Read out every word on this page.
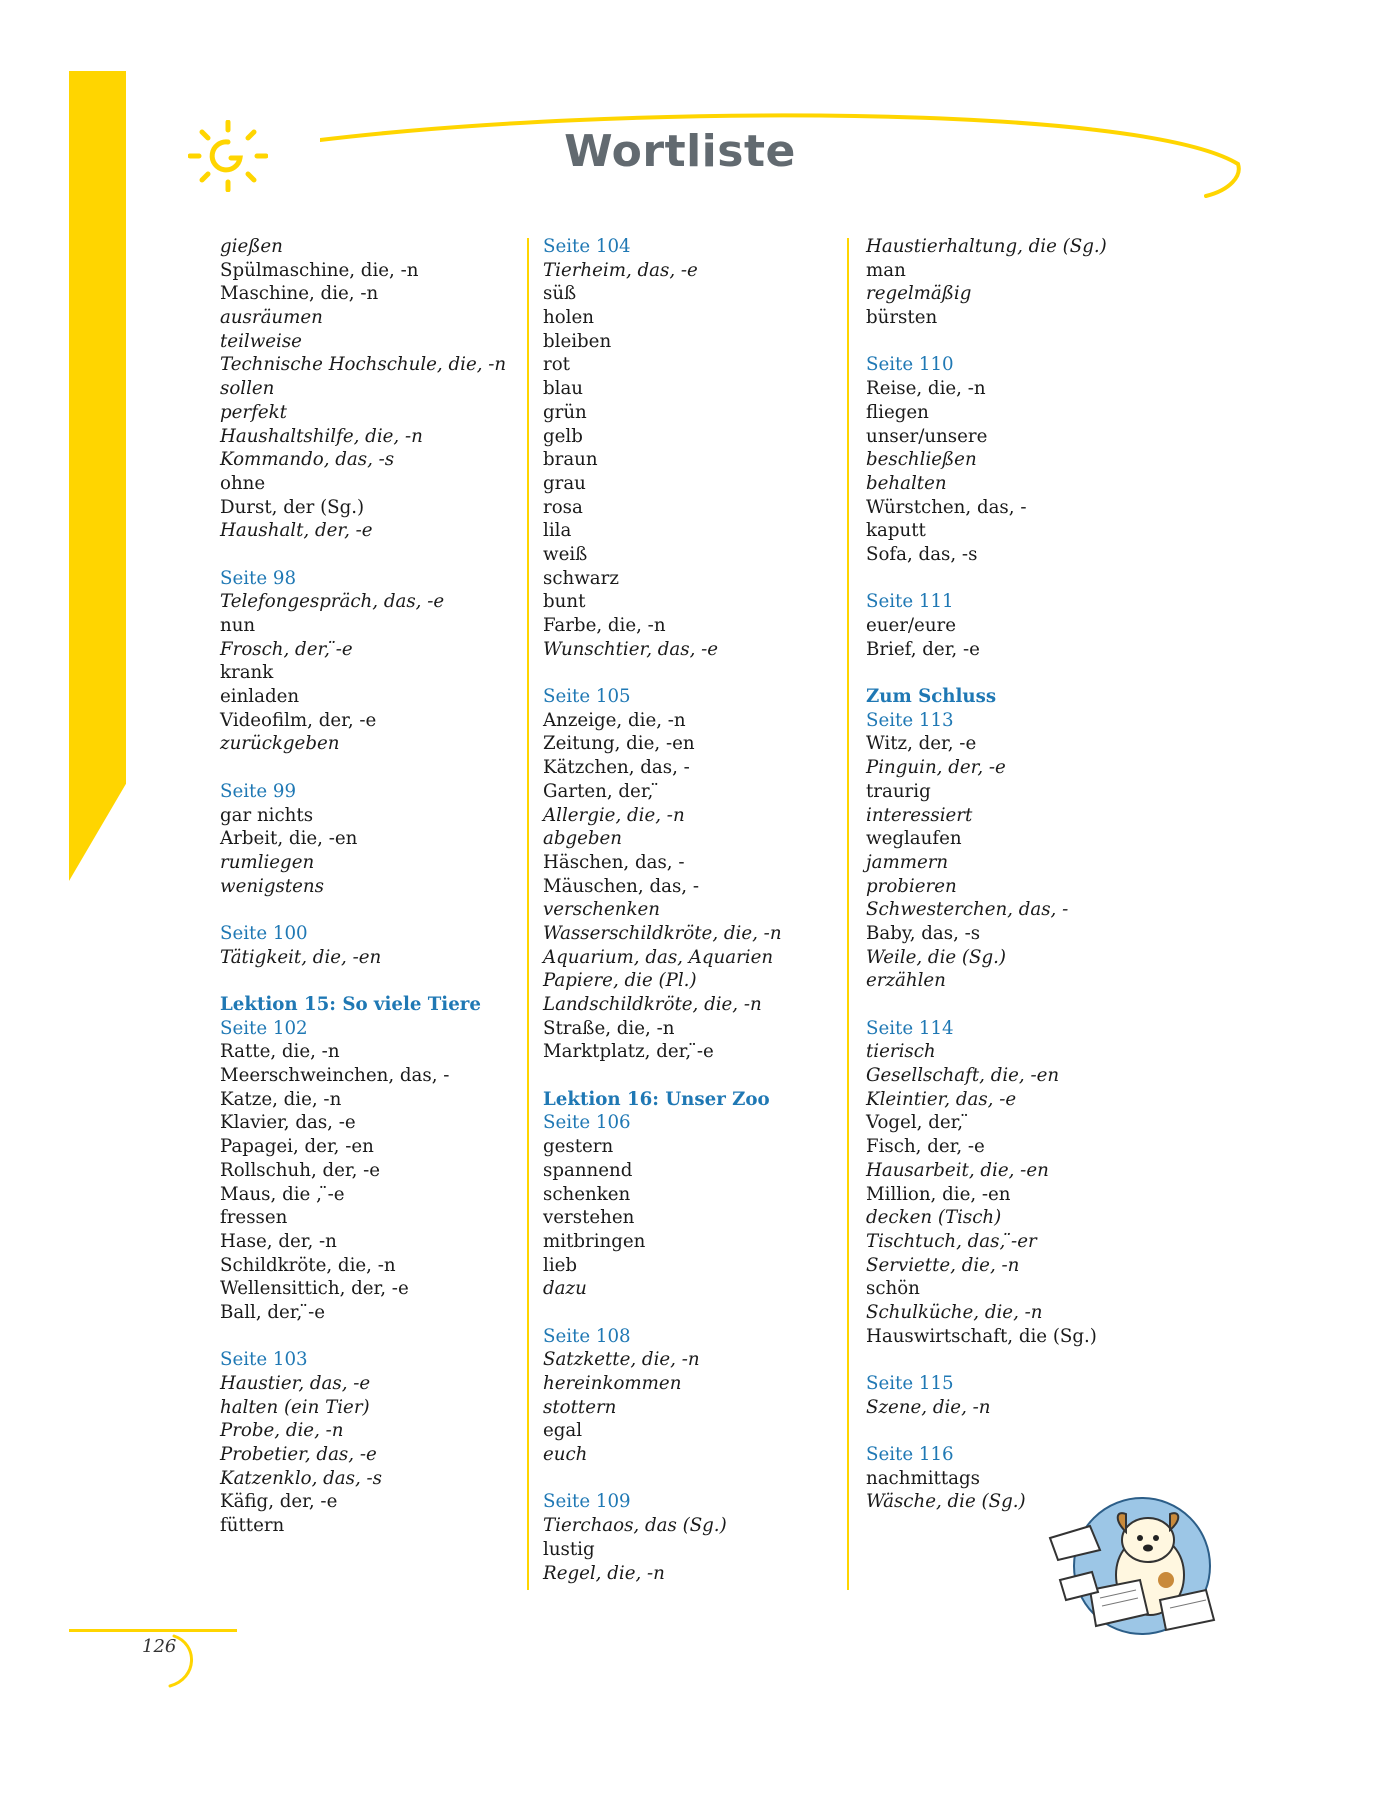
Wortliste
gießen
Spülmaschine, die, -n
Maschine, die, -n
ausräumen
teilweise
Technische Hochschule, die, -n
sollen
perfekt
Haushaltshilfe, die, -n
Kommando, das, -s
ohne
Durst, der (Sg.)
Haushalt, der, -e
Seite 98
Telefongespräch, das, -e
nun
Frosch, der, ̈-e
krank
einladen
Videofilm, der, -e
zurückgeben
Seite 99
gar nichts
Arbeit, die, -en
rumliegen
wenigstens
Seite 100
Tätigkeit, die, -en
Lektion 15: So viele Tiere
Seite 102
Ratte, die, -n
Meerschweinchen, das, -
Katze, die, -n
Klavier, das, -e
Papagei, der, -en
Rollschuh, der, -e
Maus, die , ̈-e
fressen
Hase, der, -n
Schildkröte, die, -n
Wellensittich, der, -e
Ball, der, ̈-e
Seite 103
Haustier, das, -e
halten (ein Tier)
Probe, die, -n
Probetier, das, -e
Katzenklo, das, -s
Käfig, der, -e
füttern
Seite 104
Tierheim, das, -e
süß
holen
bleiben
rot
blau
grün
gelb
braun
grau
rosa
lila
weiß
schwarz
bunt
Farbe, die, -n
Wunschtier, das, -e
Seite 105
Anzeige, die, -n
Zeitung, die, -en
Kätzchen, das, -
Garten, der, ̈
Allergie, die, -n
abgeben
Häschen, das, -
Mäuschen, das, -
verschenken
Wasserschildkröte, die, -n
Aquarium, das, Aquarien
Papiere, die (Pl.)
Landschildkröte, die, -n
Straße, die, -n
Marktplatz, der, ̈-e
Lektion 16: Unser Zoo
Seite 106
gestern
spannend
schenken
verstehen
mitbringen
lieb
dazu
Seite 108
Satzkette, die, -n
hereinkommen
stottern
egal
euch
Seite 109
Tierchaos, das (Sg.)
lustig
Regel, die, -n
Haustierhaltung, die (Sg.)
man
regelmäßig
bürsten
Seite 110
Reise, die, -n
fliegen
unser/unsere
beschließen
behalten
Würstchen, das, -
kaputt
Sofa, das, -s
Seite 111
euer/eure
Brief, der, -e
Zum Schluss
Seite 113
Witz, der, -e
Pinguin, der, -e
traurig
interessiert
weglaufen
jammern
probieren
Schwesterchen, das, -
Baby, das, -s
Weile, die (Sg.)
erzählen
Seite 114
tierisch
Gesellschaft, die, -en
Kleintier, das, -e
Vogel, der, ̈
Fisch, der, -e
Hausarbeit, die, -en
Million, die, -en
decken (Tisch)
Tischtuch, das, ̈-er
Serviette, die, -n
schön
Schulküche, die, -n
Hauswirtschaft, die (Sg.)
Seite 115
Szene, die, -n
Seite 116
nachmittags
Wäsche, die (Sg.)
126
